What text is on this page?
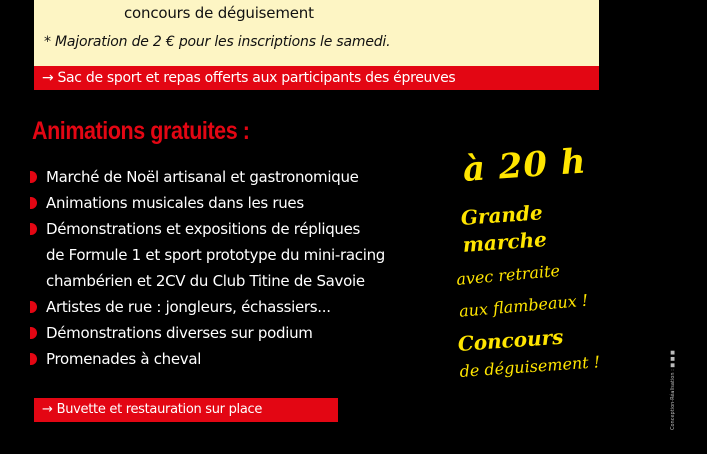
concours de déguisement
* Majoration de 2 € pour les inscriptions le samedi.
→ Sac de sport et repas offerts aux participants des épreuves
Animations gratuites :
Marché de Noël artisanal et gastronomique
Animations musicales dans les rues
Démonstrations et expositions de répliques
de Formule 1 et sport prototype du mini-racing
chambérien et 2CV du Club Titine de Savoie
Artistes de rue : jongleurs, échassiers...
Démonstrations diverses sur podium
Promenades à cheval
→ Buvette et restauration sur place
à 20 h
Grande
marche
avec retraite
aux flambeaux !
Concours
de déguisement !	Conception-Réalisation : ■ ■ ■
